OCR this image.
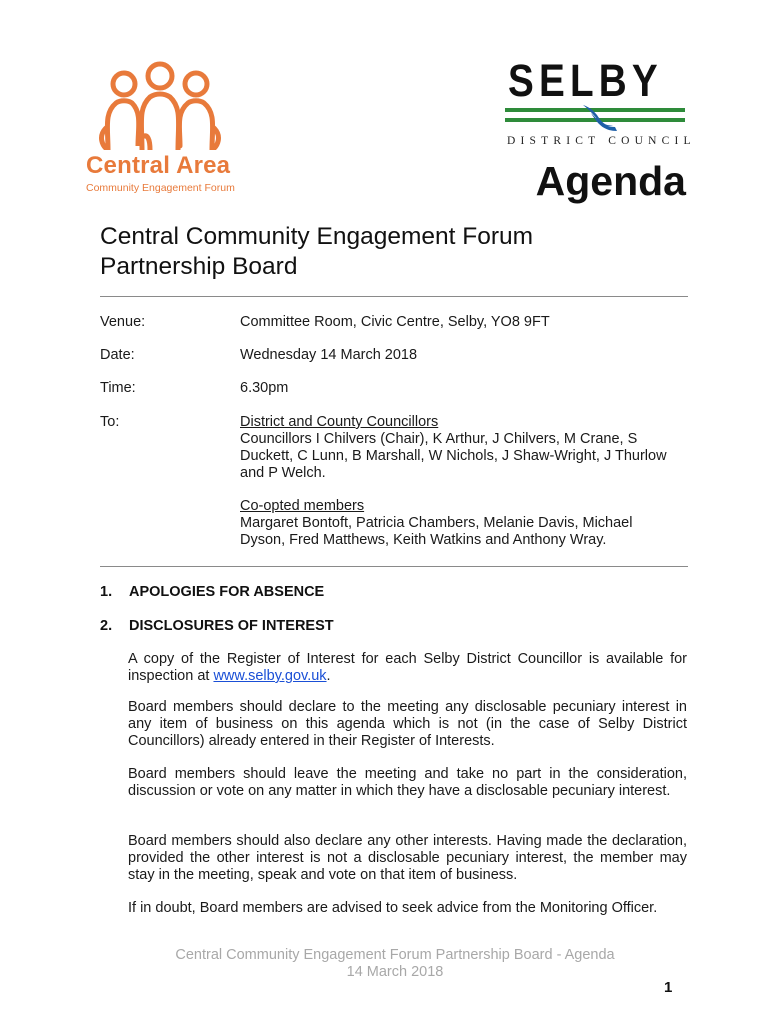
Central Area
Community Engagement Forum
SELBY
DISTRICT COUNCIL
Agenda
Central Community Engagement Forum
Partnership Board
Venue:	Committee Room, Civic Centre, Selby, YO8 9FT
Date:	Wednesday 14 March 2018
Time:	6.30pm
To:	District and County Councillors
Councillors I Chilvers (Chair), K Arthur, J Chilvers, M Crane, S Duckett, C Lunn, B Marshall, W Nichols, J Shaw-Wright, J Thurlow and P Welch.
Co-opted members
Margaret Bontoft, Patricia Chambers, Melanie Davis, Michael Dyson, Fred Matthews, Keith Watkins and Anthony Wray.
1. APOLOGIES FOR ABSENCE
2. DISCLOSURES OF INTEREST
A copy of the Register of Interest for each Selby District Councillor is available for inspection at www.selby.gov.uk.
Board members should declare to the meeting any disclosable pecuniary interest in any item of business on this agenda which is not (in the case of Selby District Councillors) already entered in their Register of Interests.
Board members should leave the meeting and take no part in the consideration, discussion or vote on any matter in which they have a disclosable pecuniary interest.
Board members should also declare any other interests. Having made the declaration, provided the other interest is not a disclosable pecuniary interest, the member may stay in the meeting, speak and vote on that item of business.
If in doubt, Board members are advised to seek advice from the Monitoring Officer.
Central Community Engagement Forum Partnership Board - Agenda
14 March 2018
1
